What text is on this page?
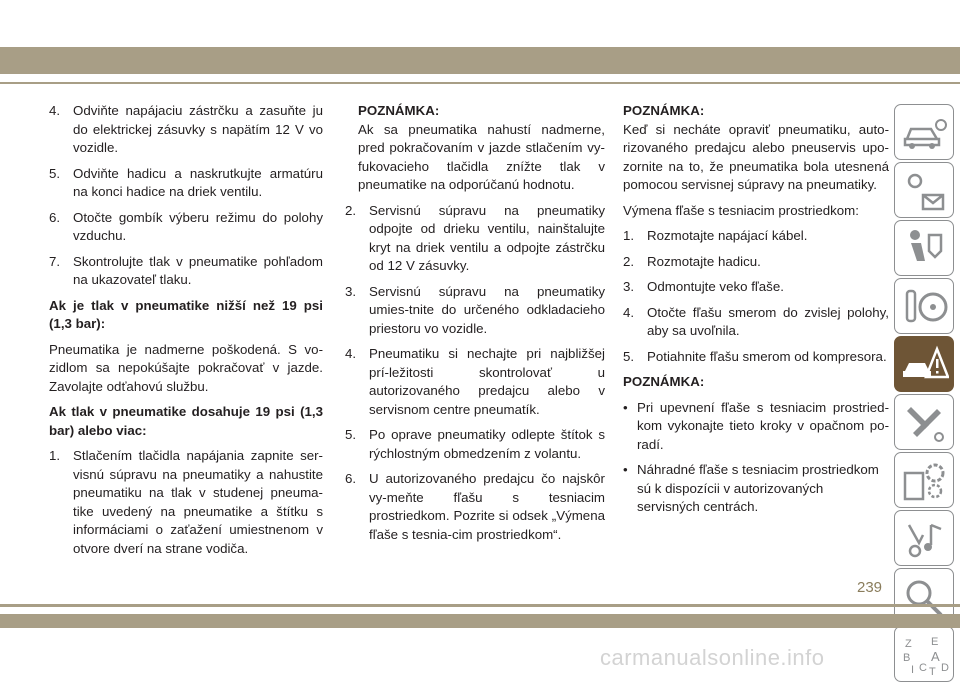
4. Odviňte napájaciu zástrčku a zasuňte ju do elektrickej zásuvky s napätím 12 V vo vozidle.
5. Odviňte hadicu a naskrutkujte armatúru na konci hadice na driek ventilu.
6. Otočte gombík výberu režimu do polohy vzduchu.
7. Skontrolujte tlak v pneumatike pohľadom na ukazovateľ tlaku.

Ak je tlak v pneumatike nižší než 19 psi (1,3 bar):

Pneumatika je nadmerne poškodená. S vo-zidlom sa nepokúšajte pokračovať v jazde. Zavolajte odťahovú službu.

Ak tlak v pneumatike dosahuje 19 psi (1,3 bar) alebo viac:

1. Stlačením tlačidla napájania zapnite ser-visnú súpravu na pneumatiky a nahustite pneumatiku na tlak v studenej pneuma-tike uvedený na pneumatike a štítku s informáciami o zaťažení umiestnenom v otvore dverí na strane vodiča.

POZNÁMKA:

Ak sa pneumatika nahustí nadmerne, pred pokračovaním v jazde stlačením vy-fukovacieho tlačidla znížte tlak v pneumatike na odporúčanú hodnotu.

2. Servisnú súpravu na pneumatiky odpojte od drieku ventilu, nainštalujte kryt na driek ventilu a odpojte zástrčku od 12 V zásuvky.
3. Servisnú súpravu na pneumatiky umies-tnite do určeného odkladacieho priestoru vo vozidle.
4. Pneumatiku si nechajte pri najbližšej prí-ležitosti skontrolovať u autorizovaného predajcu alebo v servisnom centre pneumatík.
5. Po oprave pneumatiky odlepte štítok s rýchlostným obmedzením z volantu.
6. U autorizovaného predajcu čo najskôr vy-meňte fľašu s tesniacim prostriedkom. Pozrite si odsek „Výmena fľaše s tesnia-cim prostriedkom“.

POZNÁMKA:

Keď si necháte opraviť pneumatiku, auto-rizovaného predajcu alebo pneuservis upo-zornite na to, že pneumatika bola utesnená pomocou servisnej súpravy na pneumatiky.

Výmena fľaše s tesniacim prostriedkom:

1. Rozmotajte napájací kábel.
2. Rozmotajte hadicu.
3. Odmontujte veko fľaše.
4. Otočte fľašu smerom do zvislej polohy, aby sa uvoľnila.
5. Potiahnite fľašu smerom od kompresora.

POZNÁMKA:

• Pri upevnení fľaše s tesniacim prostried-kom vykonajte tieto kroky v opačnom po-radí.
• Náhradné fľaše s tesniacim prostriedkom sú k dispozícii v autorizovaných servisných centrách.
Z E
B A
I C T D
239
carmanualsonline.info
